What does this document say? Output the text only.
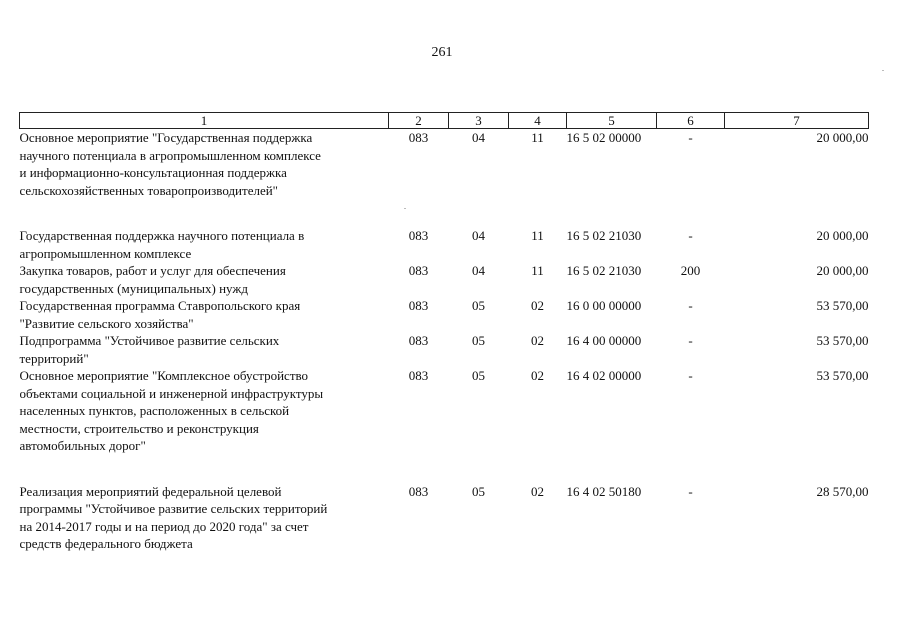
261
1	2	3	4	5	6	7

Основное мероприятие "Государственная поддержка
научного потенциала в агропромышленном комплексе
и информационно-консультационная поддержка
сельскохозяйственных товаропроизводителей"	083	04	11	16 5 02 00000	-	20 000,00

Государственная поддержка научного потенциала в
агропромышленном комплексе	083	04	11	16 5 02 21030	-	20 000,00

Закупка товаров, работ и услуг для обеспечения
государственных (муниципальных) нужд	083	04	11	16 5 02 21030	200	20 000,00

Государственная программа Ставропольского края
"Развитие сельского хозяйства"	083	05	02	16 0 00 00000	-	53 570,00

Подпрограмма "Устойчивое развитие сельских
территорий"	083	05	02	16 4 00 00000	-	53 570,00

Основное мероприятие "Комплексное обустройство
объектами социальной и инженерной инфраструктуры
населенных пунктов, расположенных в сельской
местности, строительство и реконструкция
автомобильных дорог"	083	05	02	16 4 02 00000	-	53 570,00

Реализация мероприятий федеральной целевой
программы "Устойчивое развитие сельских территорий
на 2014-2017 годы и на период до 2020 года" за счет
средств федерального бюджета	083	05	02	16 4 02 50180	-	28 570,00
